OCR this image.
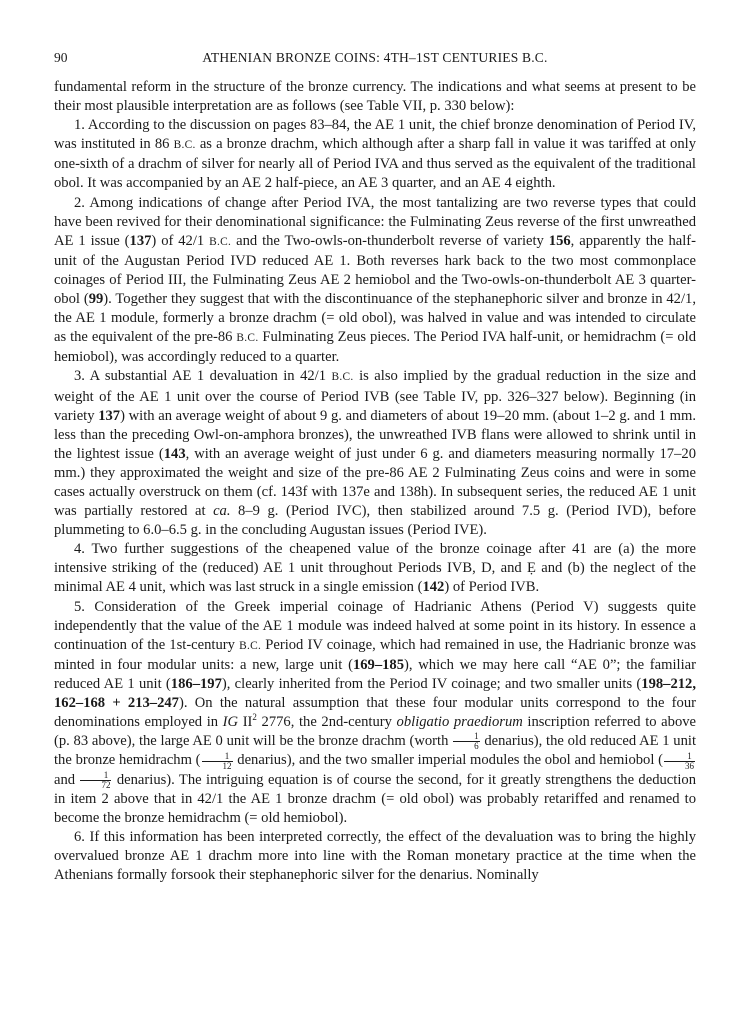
90	ATHENIAN BRONZE COINS: 4TH–1ST CENTURIES B.C.

fundamental reform in the structure of the bronze currency. The indications and what seems at present to be their most plausible interpretation are as follows (see Table VII, p. 330 below):

1. According to the discussion on pages 83–84, the AE 1 unit, the chief bronze denomination of Period IV, was instituted in 86 B.C. as a bronze drachm, which although after a sharp fall in value it was tariffed at only one-sixth of a drachm of silver for nearly all of Period IVA and thus served as the equivalent of the traditional obol. It was accompanied by an AE 2 half-piece, an AE 3 quarter, and an AE 4 eighth.

2. Among indications of change after Period IVA, the most tantalizing are two reverse types that could have been revived for their denominational significance: the Fulminating Zeus reverse of the first unwreathed AE 1 issue (137) of 42/1 B.C. and the Two-owls-on-thunderbolt reverse of variety 156, apparently the half-unit of the Augustan Period IVD reduced AE 1. Both reverses hark back to the two most commonplace coinages of Period III, the Fulminating Zeus AE 2 hemiobol and the Two-owls-on-thunderbolt AE 3 quarter-obol (99). Together they suggest that with the discontinuance of the stephanephoric silver and bronze in 42/1, the AE 1 module, formerly a bronze drachm (= old obol), was halved in value and was intended to circulate as the equivalent of the pre-86 B.C. Fulminating Zeus pieces. The Period IVA half-unit, or hemidrachm (= old hemiobol), was accordingly reduced to a quarter.

3. A substantial AE 1 devaluation in 42/1 B.C. is also implied by the gradual reduction in the size and weight of the AE 1 unit over the course of Period IVB (see Table IV, pp. 326–327 below). Beginning (in variety 137) with an average weight of about 9 g. and diameters of about 19–20 mm. (about 1–2 g. and 1 mm. less than the preceding Owl-on-amphora bronzes), the unwreathed IVB flans were allowed to shrink until in the lightest issue (143, with an average weight of just under 6 g. and diameters measuring normally 17–20 mm.) they approximated the weight and size of the pre-86 AE 2 Fulminating Zeus coins and were in some cases actually overstruck on them (cf. 143f with 137e and 138h). In subsequent series, the reduced AE 1 unit was partially restored at ca. 8–9 g. (Period IVC), then stabilized around 7.5 g. (Period IVD), before plummeting to 6.0–6.5 g. in the concluding Augustan issues (Period IVE).

4. Two further suggestions of the cheapened value of the bronze coinage after 41 are (a) the more intensive striking of the (reduced) AE 1 unit throughout Periods IVB, D, and Ẹ and (b) the neglect of the minimal AE 4 unit, which was last struck in a single emission (142) of Period IVB.

5. Consideration of the Greek imperial coinage of Hadrianic Athens (Period V) suggests quite independently that the value of the AE 1 module was indeed halved at some point in its history. In essence a continuation of the 1st-century B.C. Period IV coinage, which had remained in use, the Hadrianic bronze was minted in four modular units: a new, large unit (169–185), which we may here call “AE 0”; the familiar reduced AE 1 unit (186–197), clearly inherited from the Period IV coinage; and two smaller units (198–212, 162–168 + 213–247). On the natural assumption that these four modular units correspond to the four denominations employed in IG $II^2$ 2776, the 2nd-century obligatio praediorum inscription referred to above (p. 83 above), the large AE 0 unit will be the bronze drachm (worth $\frac{1}{6}$ denarius), the old reduced AE 1 unit the bronze hemidrachm ( $\frac{1}{12}$ denarius), and the two smaller imperial modules the obol and hemiobol ( $\frac{1}{36}$
and $\frac{1}{72}$ denarius). The intriguing equation is of course the second, for it greatly strengthens the deduction in item 2 above that in 42/1 the AE 1 bronze drachm (= old obol) was probably retariffed and renamed to become the bronze hemidrachm (= old hemiobol).

6. If this information has been interpreted correctly, the effect of the devaluation was to bring the highly overvalued bronze AE 1 drachm more into line with the Roman monetary practice at the time when the Athenians formally forsook their stephanephoric silver for the denarius. Nominally
